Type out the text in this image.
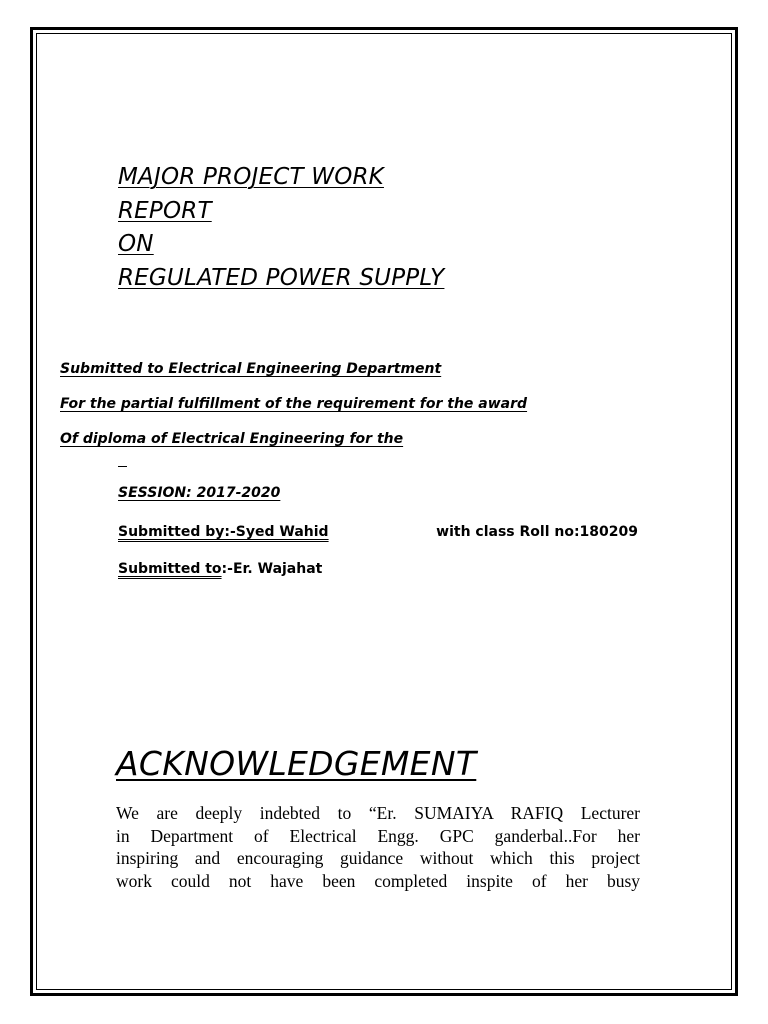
MAJOR PROJECT WORK
REPORT
ON
REGULATED POWER SUPPLY
Submitted to Electrical Engineering Department
For the partial fulfillment of the requirement for the award
Of diploma of Electrical Engineering for the
SESSION: 2017-2020
Submitted by:-Syed Wahid	with class Roll no:180209
Submitted to:-Er. Wajahat
ACKNOWLEDGEMENT
We are deeply indebted to “Er. SUMAIYA RAFIQ Lecturer
in Department of Electrical Engg. GPC ganderbal..For her
inspiring and encouraging guidance without which this project
work could not have been completed inspite of her busy
